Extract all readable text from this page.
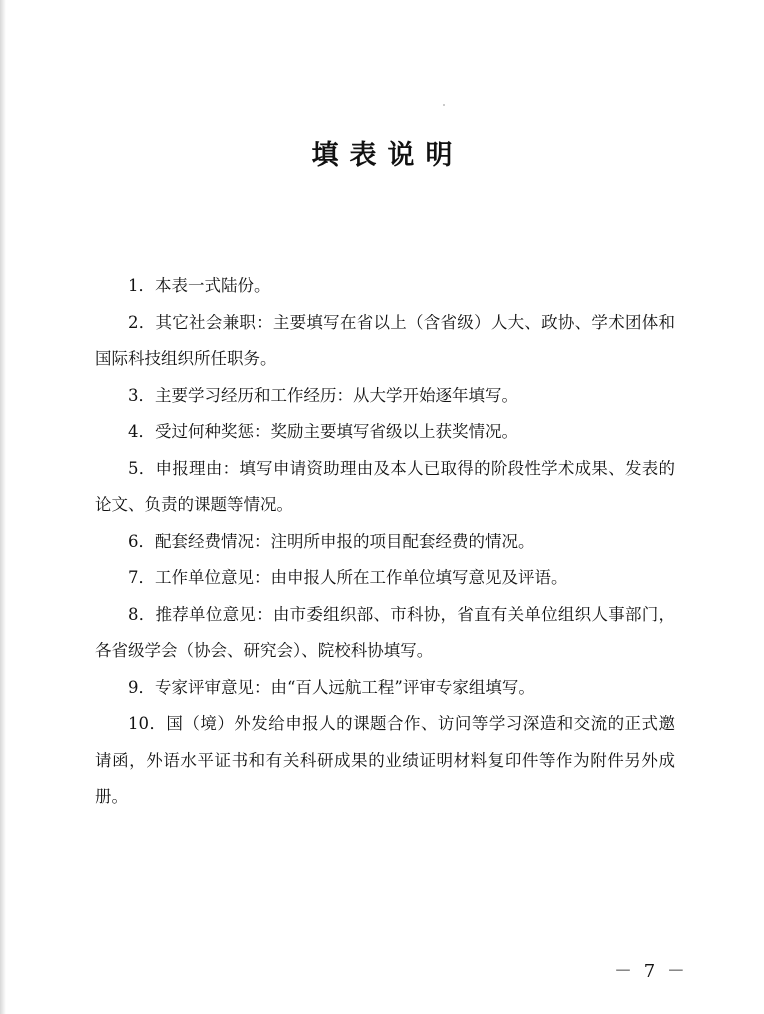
填表说明

1．本表一式陆份。

2．其它社会兼职：主要填写在省以上（含省级）人大、政协、学术团体和国际科技组织所任职务。

3．主要学习经历和工作经历：从大学开始逐年填写。

4．受过何种奖惩：奖励主要填写省级以上获奖情况。

5．申报理由：填写申请资助理由及本人已取得的阶段性学术成果、发表的论文、负责的课题等情况。

6．配套经费情况：注明所申报的项目配套经费的情况。

7．工作单位意见：由申报人所在工作单位填写意见及评语。

8．推荐单位意见：由市委组织部、市科协，省直有关单位组织人事部门，各省级学会（协会、研究会）、院校科协填写。

9．专家评审意见：由“百人远航工程”评审专家组填写。

10．国（境）外发给申报人的课题合作、访问等学习深造和交流的正式邀请函，外语水平证书和有关科研成果的业绩证明材料复印件等作为附件另外成册。

－ 7 －
